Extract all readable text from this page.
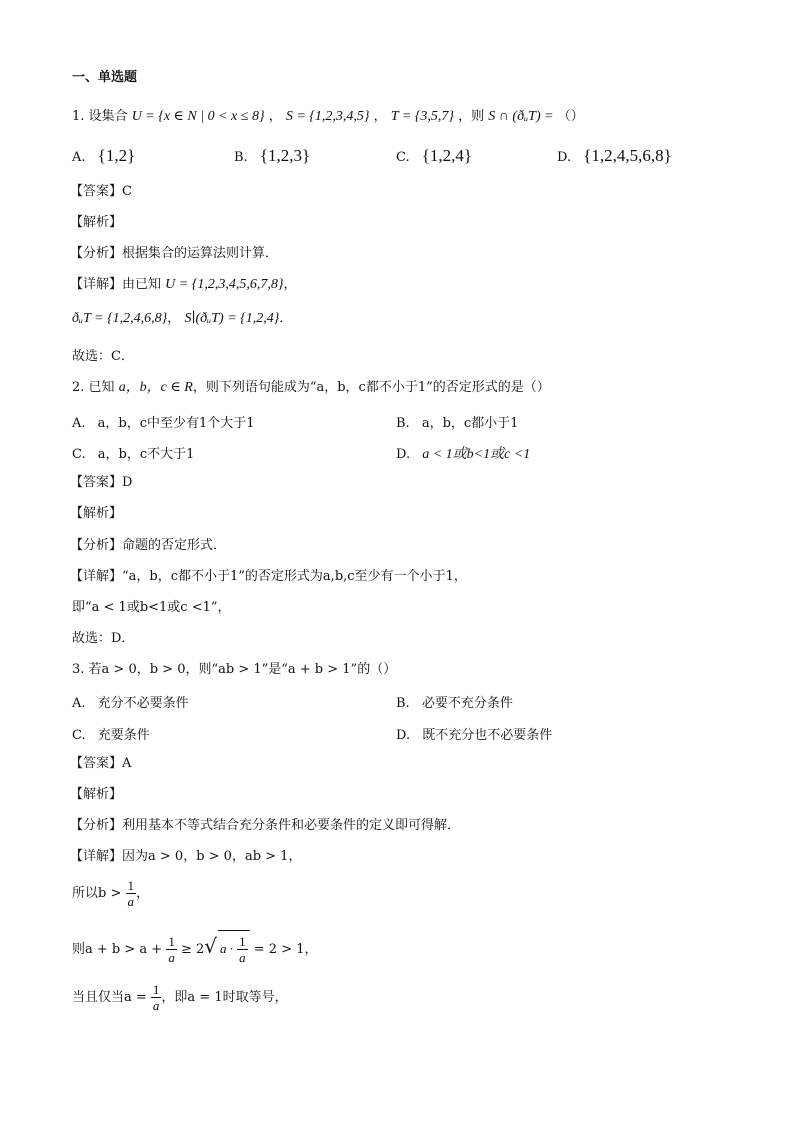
一、单选题
1. 设集合 U = {x ∈ N | 0 < x ≤ 8} ， S = {1,2,3,4,5} ， T = {3,5,7} ，则 S ∩ (ðᵤT) = （）
A. {1,2}	B. {1,2,3}	C. {1,2,4}	D. {1,2,4,5,6,8}
【答案】C
【解析】
【分析】根据集合的运算法则计算．
【详解】由已知 U = {1,2,3,4,5,6,7,8}，
ðᵤT = {1,2,4,6,8}， S∣(ðᵤT) = {1,2,4}．
故选：C．
2. 已知 a，b，c ∈ R，则下列语句能成为“a，b，c都不小于1”的否定形式的是（）
A. a，b，c中至少有1个大于1	B. a，b，c都小于1
C. a，b，c不大于1	D. a < 1或b<1或c <1
【答案】D
【解析】
【分析】命题的否定形式．
【详解】“a，b，c都不小于1”的否定形式为a,b,c至少有一个小于1，
即“a < 1或b<1或c <1”，
故选：D．
3. 若a > 0，b > 0，则“ab > 1”是“a + b > 1”的（）
A. 充分不必要条件	B. 必要不充分条件
C. 充要条件	D. 既不充分也不必要条件
【答案】A
【解析】
【分析】利用基本不等式结合充分条件和必要条件的定义即可得解．
【详解】因为a > 0，b > 0，ab > 1，
所以$b > \frac{1}{a}$ ，
则$a + b > a + \frac{1}{a} \ge 2√$ $a \cdot \frac{1}{a} = 2 > 1$，
当且仅当$a = \frac{1}{a}$ ，即a = 1时取等号，
